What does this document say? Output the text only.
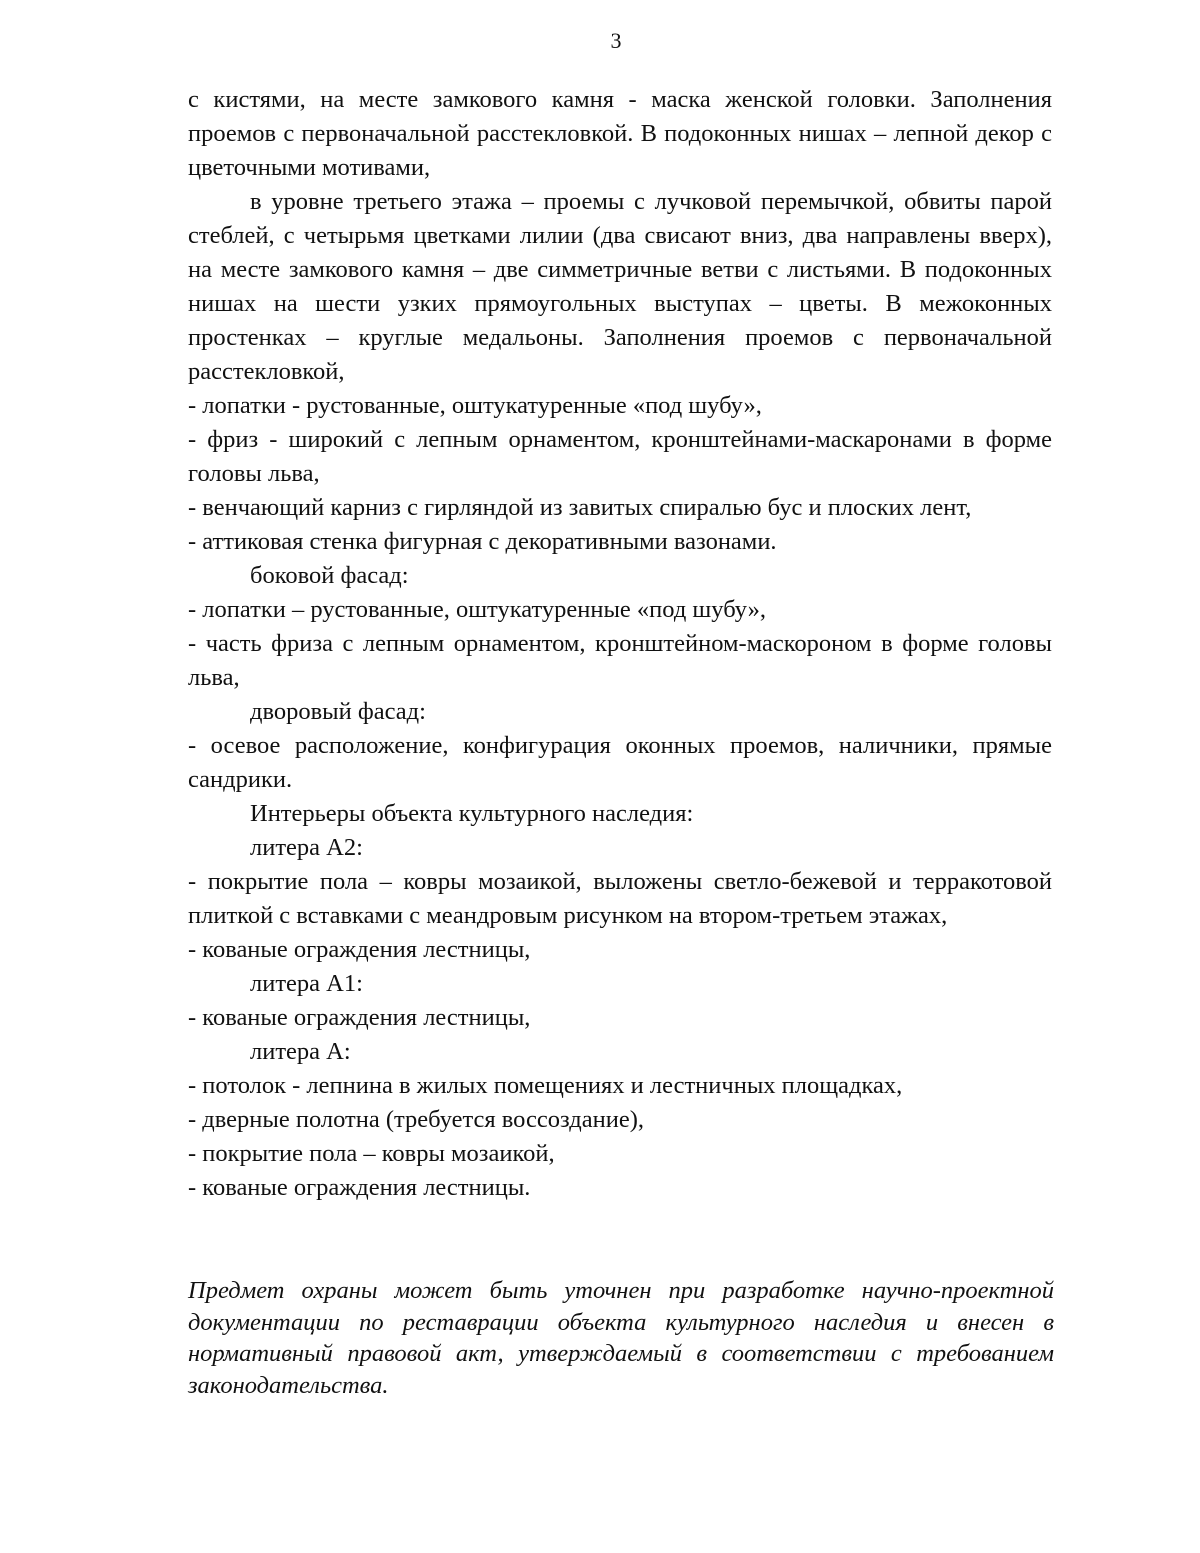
3

с кистями, на месте замкового камня - маска женской головки. Заполнения проемов с первоначальной расстекловкой. В подоконных нишах – лепной декор с цветочными мотивами,

в уровне третьего этажа – проемы с лучковой перемычкой, обвиты парой стеблей, с четырьмя цветками лилии (два свисают вниз, два направлены вверх), на месте замкового камня – две симметричные ветви с листьями. В подоконных нишах на шести узких прямоугольных выступах – цветы. В межоконных простенках – круглые медальоны. Заполнения проемов с первоначальной расстекловкой,

- лопатки - рустованные, оштукатуренные «под шубу»,

- фриз - широкий с лепным орнаментом, кронштейнами-маскаронами в форме головы льва,

- венчающий карниз с гирляндой из завитых спиралью бус и плоских лент,

- аттиковая стенка фигурная с декоративными вазонами.

боковой фасад:

- лопатки – рустованные, оштукатуренные «под шубу»,

- часть фриза с лепным орнаментом, кронштейном-маскороном в форме головы льва,

дворовый фасад:

- осевое расположение, конфигурация оконных проемов, наличники, прямые сандрики.

Интерьеры объекта культурного наследия:

литера А2:

- покрытие пола – ковры мозаикой, выложены светло-бежевой и терракотовой плиткой с вставками с меандровым рисунком на втором-третьем этажах,

- кованые ограждения лестницы,

литера А1:

- кованые ограждения лестницы,

литера А:

- потолок - лепнина в жилых помещениях и лестничных площадках,

- дверные полотна (требуется воссоздание),

- покрытие пола – ковры мозаикой,

- кованые ограждения лестницы.

Предмет охраны может быть уточнен при разработке научно-проектной документации по реставрации объекта культурного наследия и внесен в нормативный правовой акт, утверждаемый в соответствии с требованием законодательства.
